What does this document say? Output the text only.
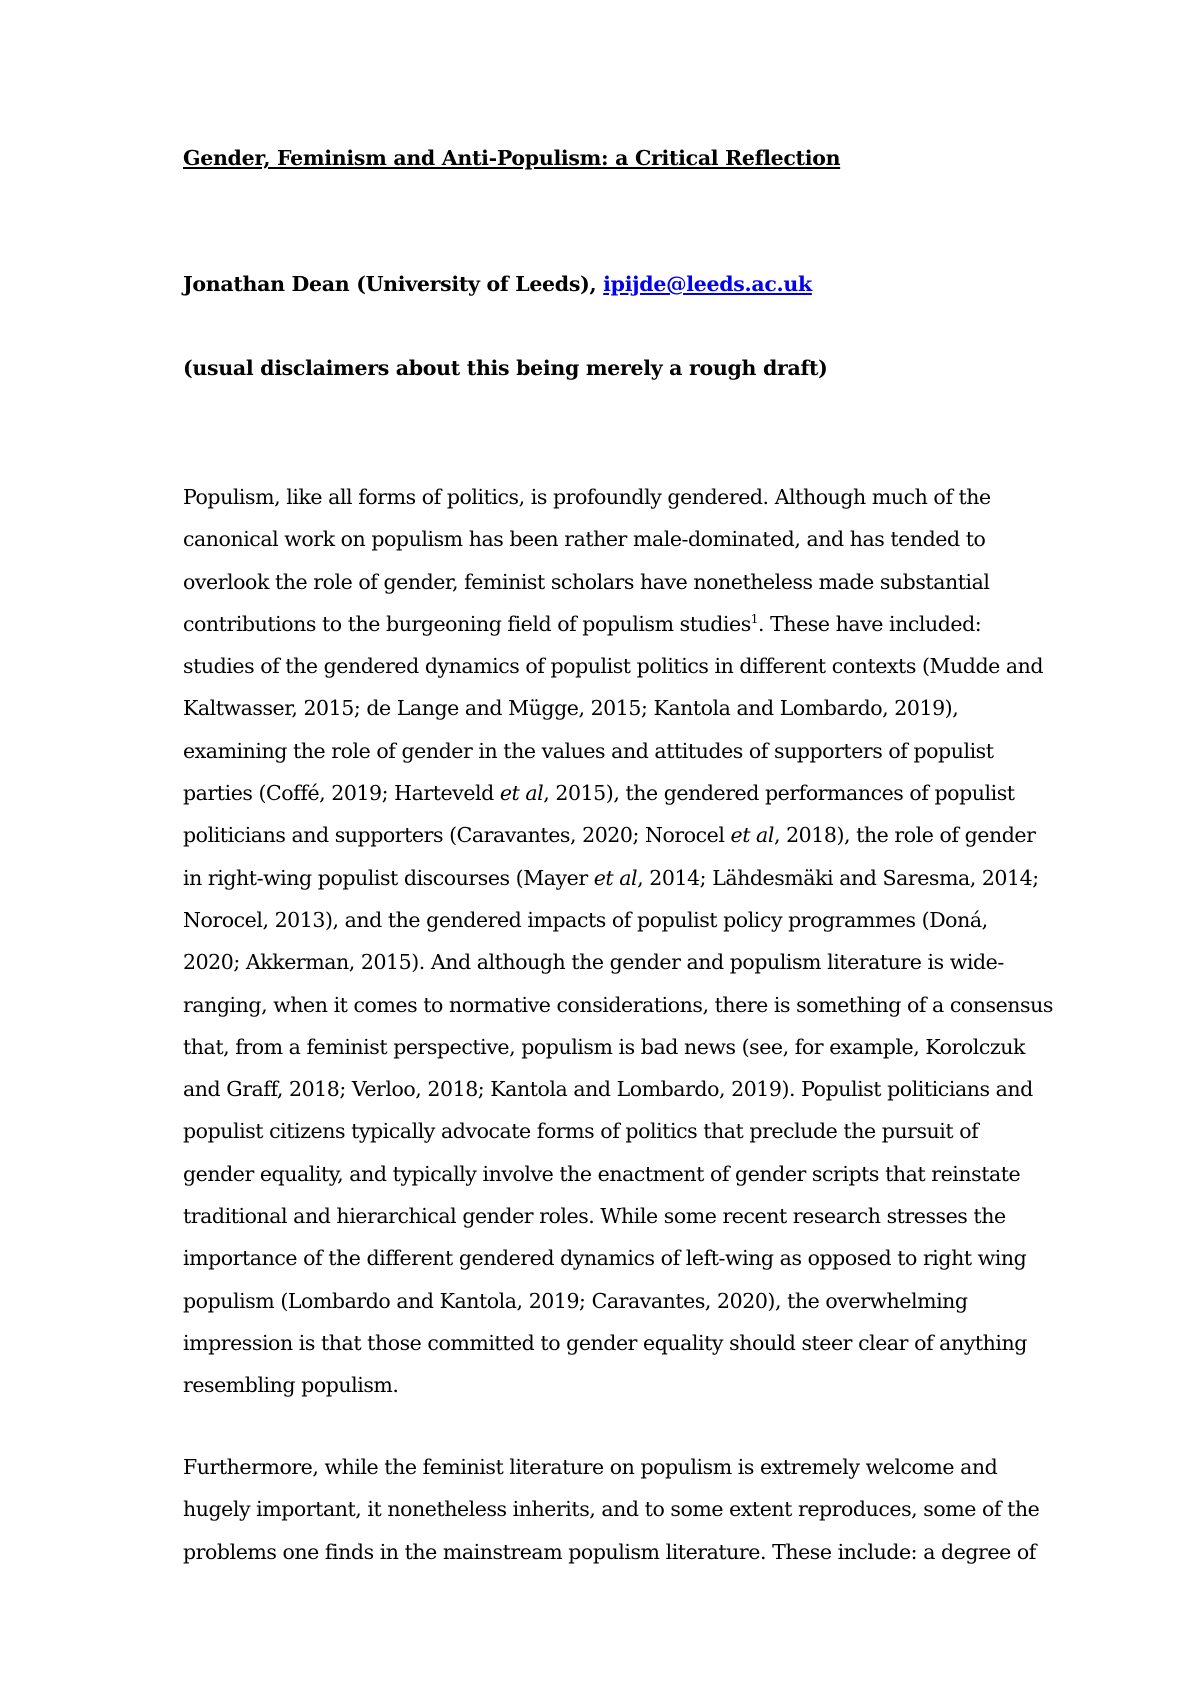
Gender, Feminism and Anti-Populism: a Critical Reflection
Jonathan Dean (University of Leeds), ipijde@leeds.ac.uk
(usual disclaimers about this being merely a rough draft)
Populism, like all forms of politics, is profoundly gendered. Although much of the
canonical work on populism has been rather male-dominated, and has tended to
overlook the role of gender, feminist scholars have nonetheless made substantial
contributions to the burgeoning field of populism studies$^1$. These have included:
studies of the gendered dynamics of populist politics in different contexts (Mudde and
Kaltwasser, 2015; de Lange and Mügge, 2015; Kantola and Lombardo, 2019),
examining the role of gender in the values and attitudes of supporters of populist
parties (Coffé, 2019; Harteveld et al, 2015), the gendered performances of populist
politicians and supporters (Caravantes, 2020; Norocel et al, 2018), the role of gender
in right-wing populist discourses (Mayer et al, 2014; Lähdesmäki and Saresma, 2014;
Norocel, 2013), and the gendered impacts of populist policy programmes (Doná,
2020; Akkerman, 2015). And although the gender and populism literature is wide-
ranging, when it comes to normative considerations, there is something of a consensus
that, from a feminist perspective, populism is bad news (see, for example, Korolczuk
and Graff, 2018; Verloo, 2018; Kantola and Lombardo, 2019). Populist politicians and
populist citizens typically advocate forms of politics that preclude the pursuit of
gender equality, and typically involve the enactment of gender scripts that reinstate
traditional and hierarchical gender roles. While some recent research stresses the
importance of the different gendered dynamics of left-wing as opposed to right wing
populism (Lombardo and Kantola, 2019; Caravantes, 2020), the overwhelming
impression is that those committed to gender equality should steer clear of anything
resembling populism.
Furthermore, while the feminist literature on populism is extremely welcome and
hugely important, it nonetheless inherits, and to some extent reproduces, some of the
problems one finds in the mainstream populism literature. These include: a degree of
